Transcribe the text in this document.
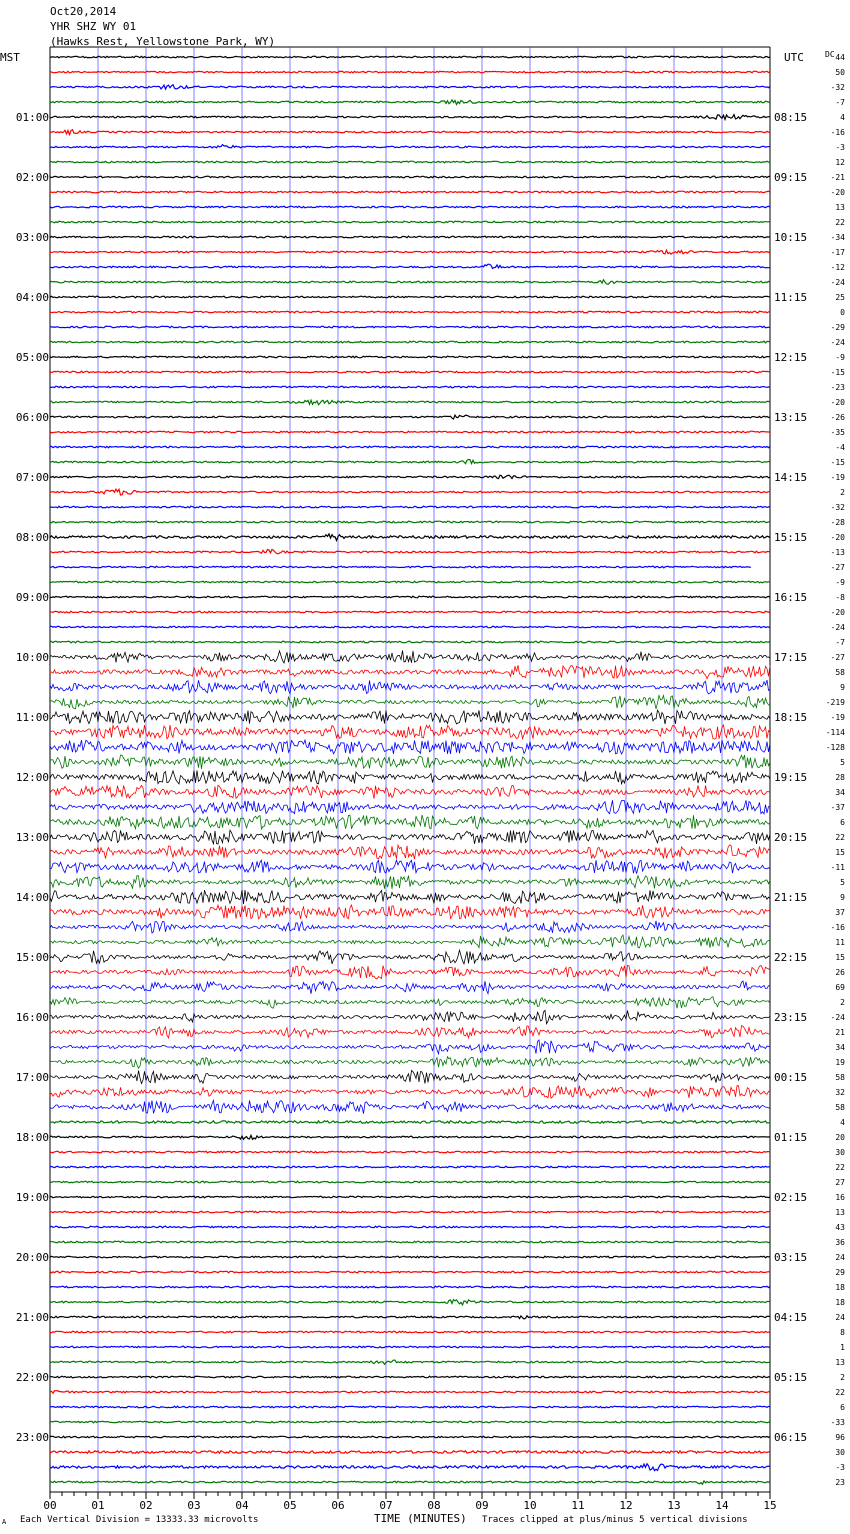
Oct20,2014
YHR SHZ WY 01
(Hawks Rest, Yellowstone Park, WY)
MST	UTC	DC
00	01	02	03	04	05	06	07	08	09	10	11	12	13	14	15
44
50
-32
-7
4
-16
-3
12
-21
-20
13
22
-34
-17
-12
-24
25
0
-29
-24
-9
-15
-23
-20
-26
-35
-4
-15
-19
2
-32
-28
-20
-13
-27
-9
-8
-20
-24
-7
-27
58
9
-219
-19
-114
-128
5
28
34
-37
6
22
15
-11
5
9
37
-16
11
15
26
69
2
-24
21
34
19
58
32
58
4
20
30
22
27
16
13
43
36
24
29
18
18
24
8
1
13
2
22
6
-33
96
30
-3
23
01:00
02:00
03:00
04:00
05:00
06:00
07:00
08:00
09:00
10:00
11:00
12:00
13:00
14:00
15:00
16:00
17:00
18:00
19:00
20:00
21:00
22:00
23:00
08:15
09:15
10:15
11:15
12:15
13:15
14:15
15:15
16:15
17:15
18:15
19:15
20:15
21:15
22:15
23:15
00:15
01:15
02:15
03:15
04:15
05:15
06:15
A Each Vertical Division = 13333.33 microvolts	TIME (MINUTES) Traces clipped at plus/minus 5 vertical divisions
